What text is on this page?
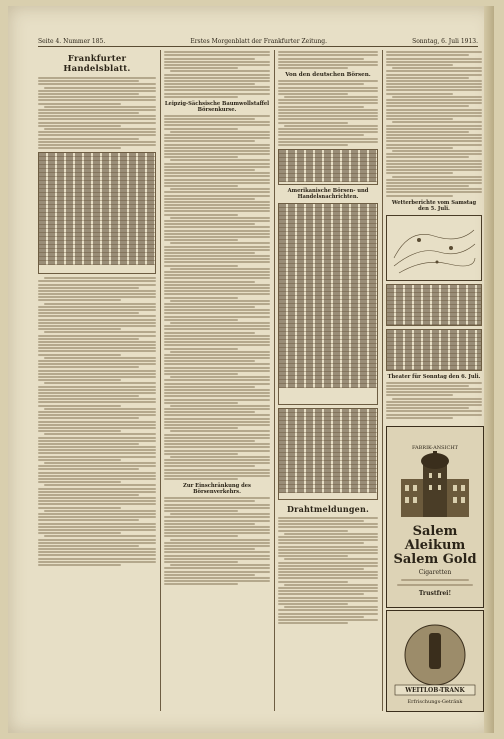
Seite 4. Nummer 185.	Erstes Morgenblatt der Frankfurter Zeitung.	Sonntag, 6. Juli 1913.
Frankfurter Handelsblatt.
Leipzig-Sächsische Baumwollstaffel Börsenkurse.
Zur Einschränkung des Börsenverkehrs.
Von den deutschen Börsen.
Amerikanische Börsen- und Handelsnachrichten.
Drahtmeldungen.
Wetterberichte vom Samstag den 5. Juli.
Theater für Sonntag den 6. Juli.
FABRIK-ANSICHT
Salem Aleikum
Salem Gold
Cigaretten
Trustfrei!
WEITLOB-TRANK
Erfrischungs-Getränk
